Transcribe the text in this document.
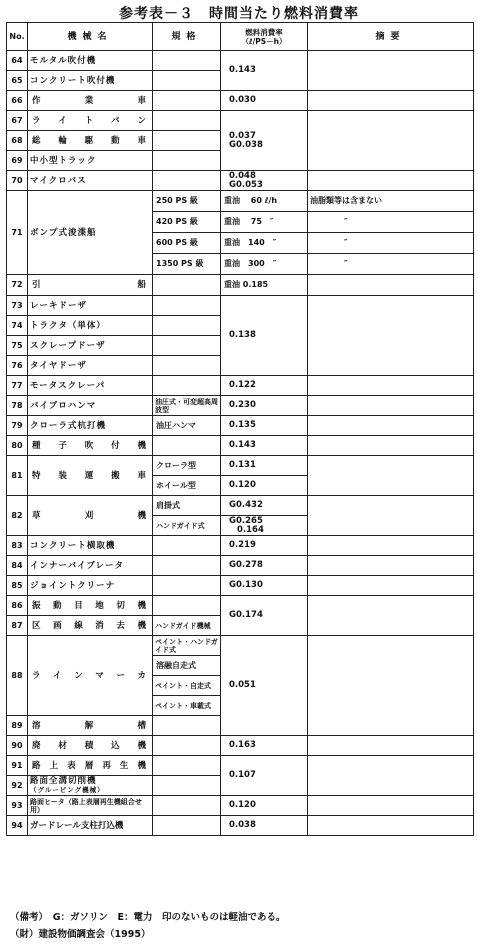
参考表－３　時間当たり燃料消費率
No.	機械名	規格	燃料消費率
（ℓ/PS－h）	摘要
64	モルタル吹付機		0.143	
65	コンクリート吹付機			
66	作業車		0.030	
67	ライトバン		0.037
G0.038	

68	総輪駆動車			
69	中小型トラック			
70	マイクロバス		0.048
G0.053	

71	ポンプ式浚渫船	250 PS 級	重油　 60 ℓ/h	油脂類等は含まない
		420 PS 級	重油　 75　″	″
		600 PS 級	重油　140　″	″
		1350 PS 級	重油　300　″	″
72	引船		重油 0.185	
73	レーキドーザ		0.138	
74	トラクタ（単体）			
75	スクレープドーザ			
76	タイヤドーザ			
77	モータスクレーパ		0.122	
78	バイブロハンマ	油圧式・可変超高周波型	0.230	
79	クローラ式杭打機	油圧ハンマ	0.135	
80	種子吹付機		0.143	
81	特装運搬車	クローラ型	0.131	
		ホイール型	0.120	
82	草刈機	肩掛式	G0.432	
		ハンドガイド式	G0.265
0.164	

83	コンクリート横取機		0.219	
84	インナーバイブレータ		G0.278	
85	ジョイントクリーナ		G0.130	
86	振動目地切機		G0.174	
87	区画線消去機	ハンドガイド機械		
88	ラインマーカ	ペイント・ハンドガイド式	0.051	
		溶融自走式		
		ペイント・自走式		
		ペイント・車載式		
89	溶解槽			
90	廃材積込機		0.163	
91	路上表層再生機		0.107	
92	路面全溝切削機
（グルービング機械）			

93	路面ヒータ（路上表層再生機組合せ用）		0.120	
94	ガードレール支柱打込機		0.038	
（備考）　G：ガソリン　E：電力　印のないものは軽油である。
（財）建設物価調査会（1995）
